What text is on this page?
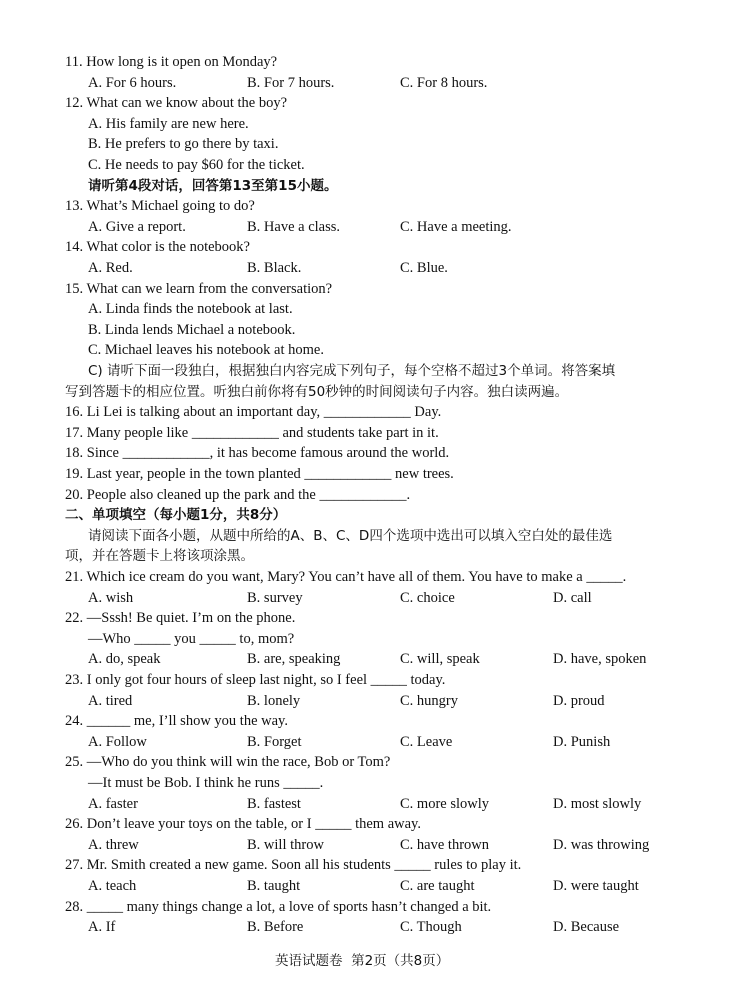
11. How long is it open on Monday?
A. For 6 hours.	B. For 7 hours.	C. For 8 hours.
12. What can we know about the boy?
A. His family are new here.
B. He prefers to go there by taxi.
C. He needs to pay $60 for the ticket.
请听第4段对话，回答第13至第15小题。
13. What’s Michael going to do?
A. Give a report.	B. Have a class.	C. Have a meeting.
14. What color is the notebook?
A. Red.	B. Black.	C. Blue.
15. What can we learn from the conversation?
A. Linda finds the notebook at last.
B. Linda lends Michael a notebook.
C. Michael leaves his notebook at home.
C) 请听下面一段独白，根据独白内容完成下列句子，每个空格不超过3个单词。将答案填
写到答题卡的相应位置。听独白前你将有50秒钟的时间阅读句子内容。独白读两遍。
16. Li Lei is talking about an important day, ____________ Day.
17. Many people like ____________ and students take part in it.
18. Since ____________, it has become famous around the world.
19. Last year, people in the town planted ____________ new trees.
20. People also cleaned up the park and the ____________.
二、单项填空（每小题1分，共8分）
请阅读下面各小题，从题中所给的A、B、C、D四个选项中选出可以填入空白处的最佳选
项，并在答题卡上将该项涂黑。
21. Which ice cream do you want, Mary? You can’t have all of them. You have to make a _____.
A. wish	B. survey	C. choice	D. call
22. —Sssh! Be quiet. I’m on the phone.
—Who _____ you _____ to, mom?
A. do, speak	B. are, speaking	C. will, speak	D. have, spoken
23. I only got four hours of sleep last night, so I feel _____ today.
A. tired	B. lonely	C. hungry	D. proud
24. ______ me, I’ll show you the way.
A. Follow	B. Forget	C. Leave	D. Punish
25. —Who do you think will win the race, Bob or Tom?
—It must be Bob. I think he runs _____.
A. faster	B. fastest	C. more slowly	D. most slowly
26. Don’t leave your toys on the table, or I _____ them away.
A. threw	B. will throw	C. have thrown	D. was throwing
27. Mr. Smith created a new game. Soon all his students _____ rules to play it.
A. teach	B. taught	C. are taught	D. were taught
28. _____ many things change a lot, a love of sports hasn’t changed a bit.
A. If	B. Before	C. Though	D. Because
英语试题卷  第2页（共8页）
